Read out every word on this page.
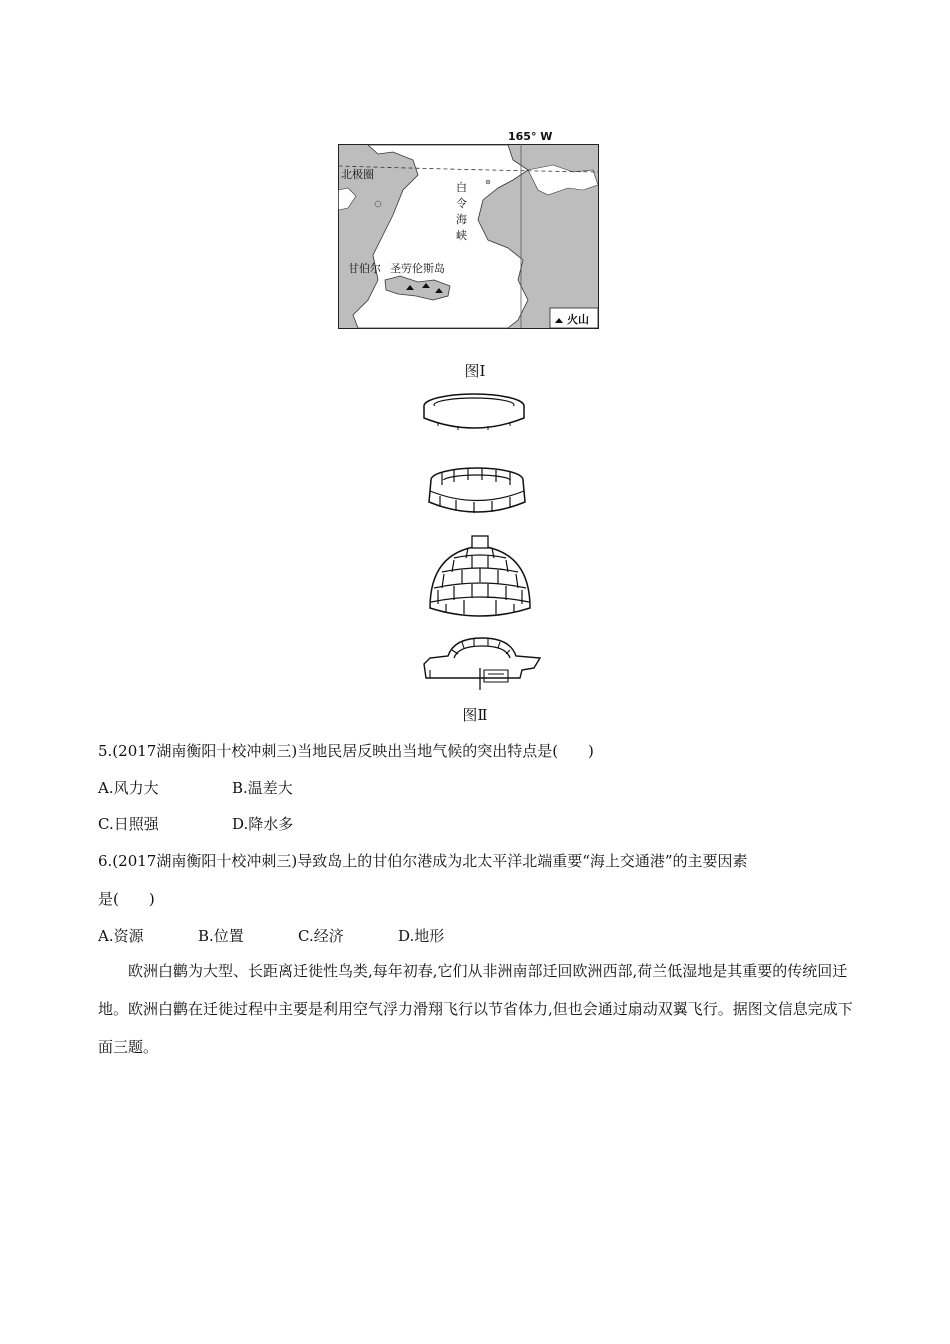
165° W
北极圈
白
令
海
峡
甘伯尔 圣劳伦斯岛
火山
图Ⅰ
图Ⅱ
5.(2017湖南衡阳十校冲刺三)当地民居反映出当地气候的突出特点是(　　)
A.风力大	B.温差大
C.日照强	D.降水多
6.(2017湖南衡阳十校冲刺三)导致岛上的甘伯尔港成为北太平洋北端重要“海上交通港”的主要因素
是(　　)
A.资源	B.位置	C.经济	D.地形
欧洲白鹳为大型、长距离迁徙性鸟类,每年初春,它们从非洲南部迁回欧洲西部,荷兰低湿地是其重要的传统回迁地。欧洲白鹳在迁徙过程中主要是利用空气浮力滑翔飞行以节省体力,但也会通过扇动双翼飞行。据图文信息完成下面三题。
